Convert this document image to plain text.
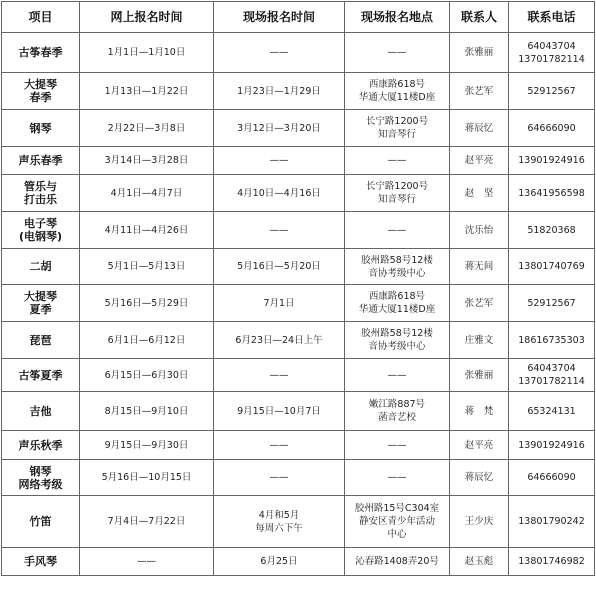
项目	网上报名时间	现场报名时间	现场报名地点	联系人	联系电话

古筝春季	1月1日—1月10日	——	——	张雅丽	64043704
13701782114

大提琴
春季	1月13日—1月22日	1月23日—1月29日	西康路618号
华通大厦11楼D座	张艺军	52912567

钢琴	2月22日—3月8日	3月12日—3月20日	长宁路1200号
知音琴行	蒋辰忆	64666090

声乐春季	3月14日—3月28日	——	——	赵平亮	13901924916

管乐与
打击乐	4月1日—4月7日	4月10日—4月16日	长宁路1200号
知音琴行	赵　坚	13641956598

电子琴
(电钢琴)	4月11日—4月26日	——	——	沈乐怡	51820368

二胡	5月1日—5月13日	5月16日—5月20日	胶州路58号12楼
音协考级中心	蒋无间	13801740769

大提琴
夏季	5月16日—5月29日	7月1日	西康路618号
华通大厦11楼D座	张艺军	52912567

琵琶	6月1日—6月12日	6月23日—24日上午	胶州路58号12楼
音协考级中心	庄雅文	18616735303

古筝夏季	6月15日—6月30日	——	——	张雅丽	64043704
13701782114

吉他	8月15日—9月10日	9月15日—10月7日	嫩江路887号
菡音艺校	蒋　梵	65324131

声乐秋季	9月15日—9月30日	——	——	赵平亮	13901924916

钢琴
网络考级	5月16日—10月15日	——	——	蒋辰忆	64666090

竹笛	7月4日—7月22日	4月和5月
每周六下午	胶州路15号C304室
静安区青少年活动
中心	王少庆	13801790242

手风琴	——	6月25日	沁春路1408弄20号	赵玉彪	13801746982
